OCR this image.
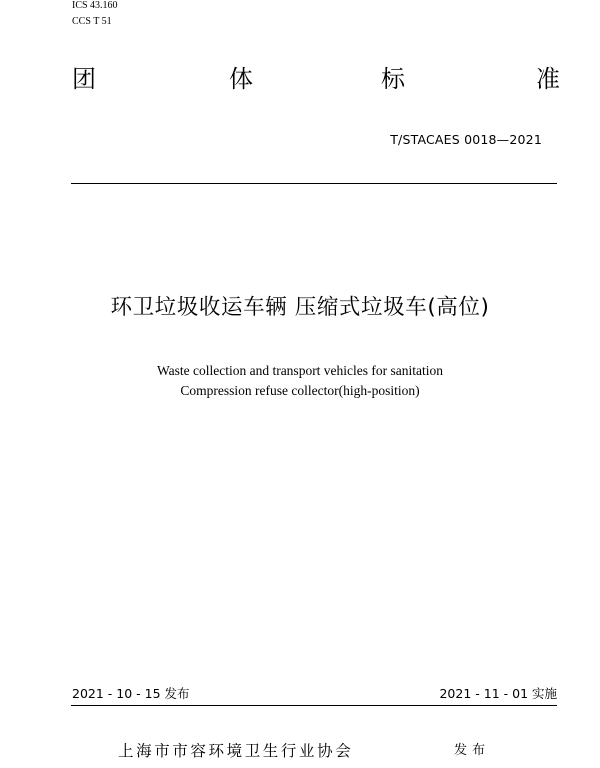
ICS 43.160
CCS T 51
团	体	标	准
T/STACAES 0018—2021
环卫垃圾收运车辆 压缩式垃圾车(高位)
Waste collection and transport vehicles for sanitation
Compression refuse collector(high-position)
2021 - 10 - 15 发布	2021 - 11 - 01 实施
上海市市容环境卫生行业协会	发布
